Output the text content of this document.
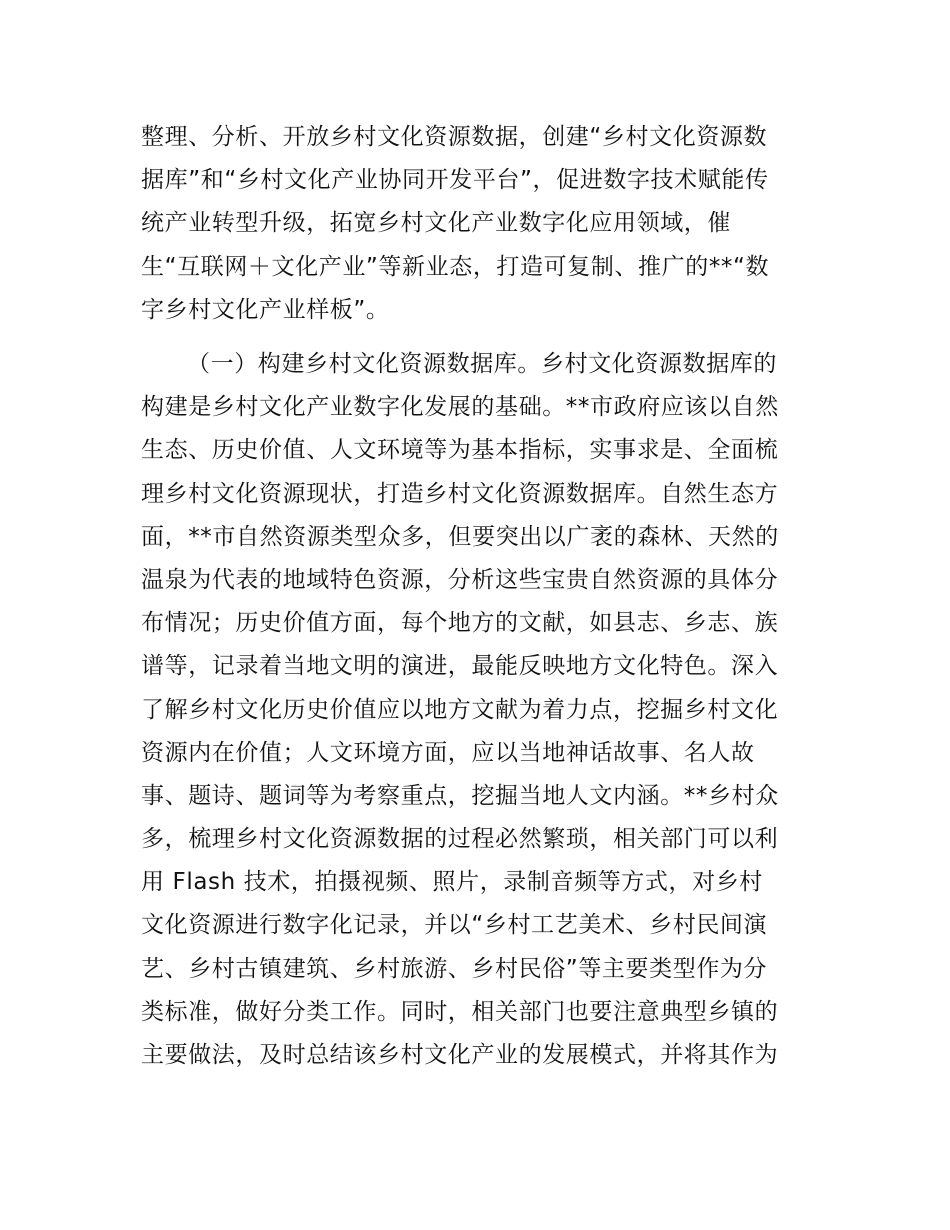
整理、分析、开放乡村文化资源数据，创建“乡村文化资源数
据库”和“乡村文化产业协同开发平台”，促进数字技术赋能传
统产业转型升级，拓宽乡村文化产业数字化应用领域，催
生“互联网＋文化产业”等新业态，打造可复制、推广的**“数
字乡村文化产业样板”。
（一）构建乡村文化资源数据库。乡村文化资源数据库的
构建是乡村文化产业数字化发展的基础。**市政府应该以自然
生态、历史价值、人文环境等为基本指标，实事求是、全面梳
理乡村文化资源现状，打造乡村文化资源数据库。自然生态方
面，**市自然资源类型众多，但要突出以广袤的森林、天然的
温泉为代表的地域特色资源，分析这些宝贵自然资源的具体分
布情况；历史价值方面，每个地方的文献，如县志、乡志、族
谱等，记录着当地文明的演进，最能反映地方文化特色。深入
了解乡村文化历史价值应以地方文献为着力点，挖掘乡村文化
资源内在价值；人文环境方面，应以当地神话故事、名人故
事、题诗、题词等为考察重点，挖掘当地人文内涵。**乡村众
多，梳理乡村文化资源数据的过程必然繁琐，相关部门可以利
用 Flash 技术，拍摄视频、照片，录制音频等方式，对乡村
文化资源进行数字化记录，并以“乡村工艺美术、乡村民间演
艺、乡村古镇建筑、乡村旅游、乡村民俗”等主要类型作为分
类标准，做好分类工作。同时，相关部门也要注意典型乡镇的
主要做法，及时总结该乡村文化产业的发展模式，并将其作为
